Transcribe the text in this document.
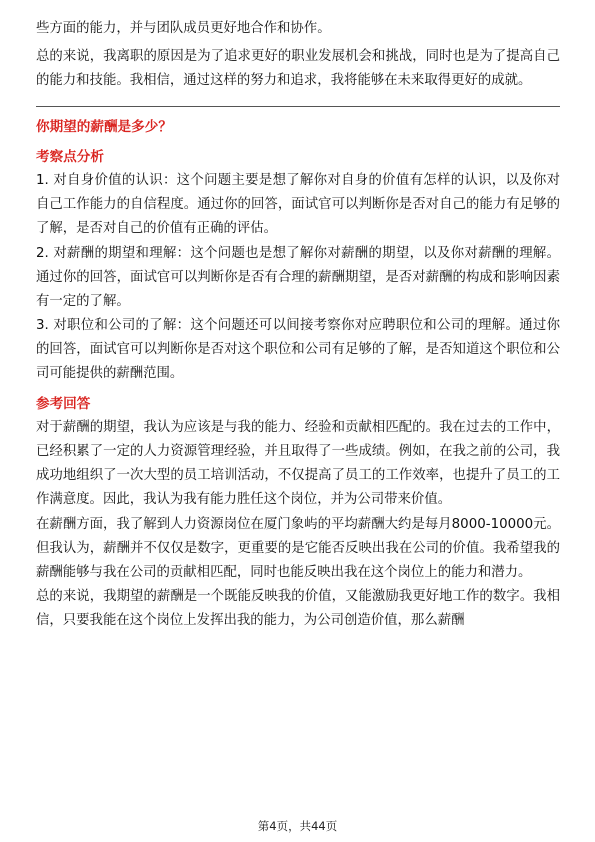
些方面的能力，并与团队成员更好地合作和协作。

总的来说，我离职的原因是为了追求更好的职业发展机会和挑战，同时也是为了提高自己的能力和技能。我相信，通过这样的努力和追求，我将能够在未来取得更好的成就。

你期望的薪酬是多少？

考察点分析

1. 对自身价值的认识：这个问题主要是想了解你对自身的价值有怎样的认识，以及你对自己工作能力的自信程度。通过你的回答，面试官可以判断你是否对自己的能力有足够的了解，是否对自己的价值有正确的评估。

2. 对薪酬的期望和理解：这个问题也是想了解你对薪酬的期望，以及你对薪酬的理解。通过你的回答，面试官可以判断你是否有合理的薪酬期望，是否对薪酬的构成和影响因素有一定的了解。

3. 对职位和公司的了解：这个问题还可以间接考察你对应聘职位和公司的理解。通过你的回答，面试官可以判断你是否对这个职位和公司有足够的了解，是否知道这个职位和公司可能提供的薪酬范围。

参考回答

对于薪酬的期望，我认为应该是与我的能力、经验和贡献相匹配的。我在过去的工作中，已经积累了一定的人力资源管理经验，并且取得了一些成绩。例如，在我之前的公司，我成功地组织了一次大型的员工培训活动，不仅提高了员工的工作效率，也提升了员工的工作满意度。因此，我认为我有能力胜任这个岗位，并为公司带来价值。

在薪酬方面，我了解到人力资源岗位在厦门象屿的平均薪酬大约是每月8000-10000元。但我认为，薪酬并不仅仅是数字，更重要的是它能否反映出我在公司的价值。我希望我的薪酬能够与我在公司的贡献相匹配，同时也能反映出我在这个岗位上的能力和潜力。

总的来说，我期望的薪酬是一个既能反映我的价值，又能激励我更好地工作的数字。我相信，只要我能在这个岗位上发挥出我的能力，为公司创造价值，那么薪酬

第4页，共44页
